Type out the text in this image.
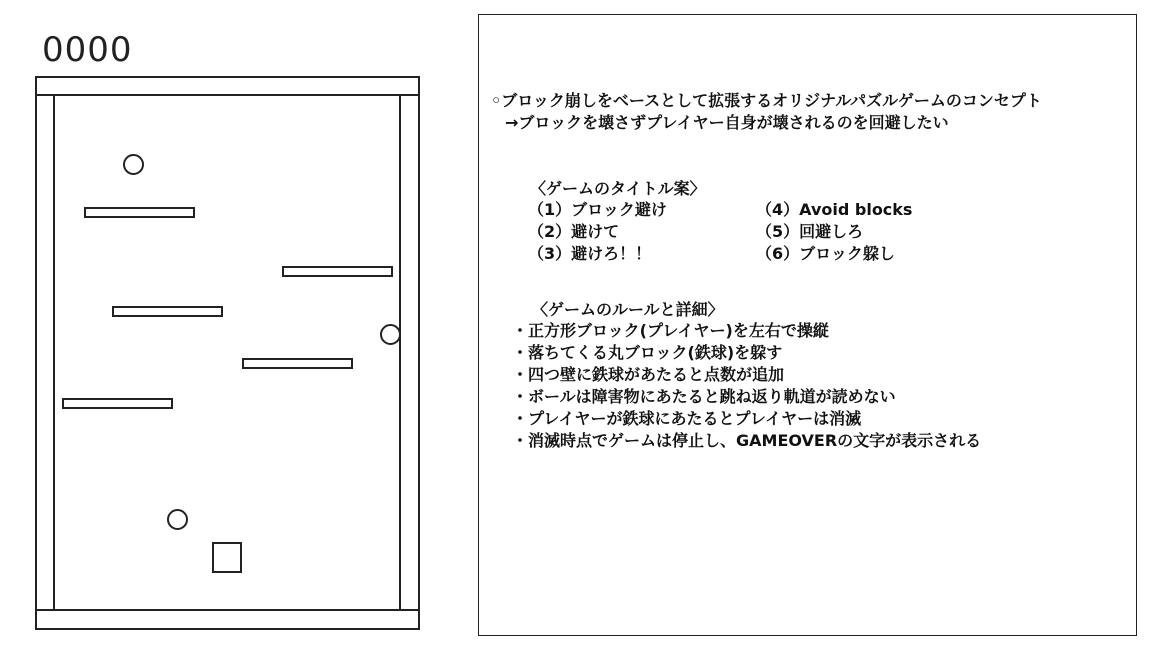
0000
◦ブロック崩しをベースとして拡張するオリジナルパズルゲームのコンセプト
→ブロックを壊さずプレイヤー自身が壊されるのを回避したい
〈ゲームのタイトル案〉
（1）ブロック避け
（2）避けて
（3）避けろ！！
（4）Avoid blocks
（5）回避しろ
（6）ブロック躱し
〈ゲームのルールと詳細〉
・正方形ブロック(プレイヤー)を左右で操縦
・落ちてくる丸ブロック(鉄球)を躱す
・四つ壁に鉄球があたると点数が追加
・ボールは障害物にあたると跳ね返り軌道が読めない
・プレイヤーが鉄球にあたるとプレイヤーは消滅
・消滅時点でゲームは停止し、GAMEOVERの文字が表示される
